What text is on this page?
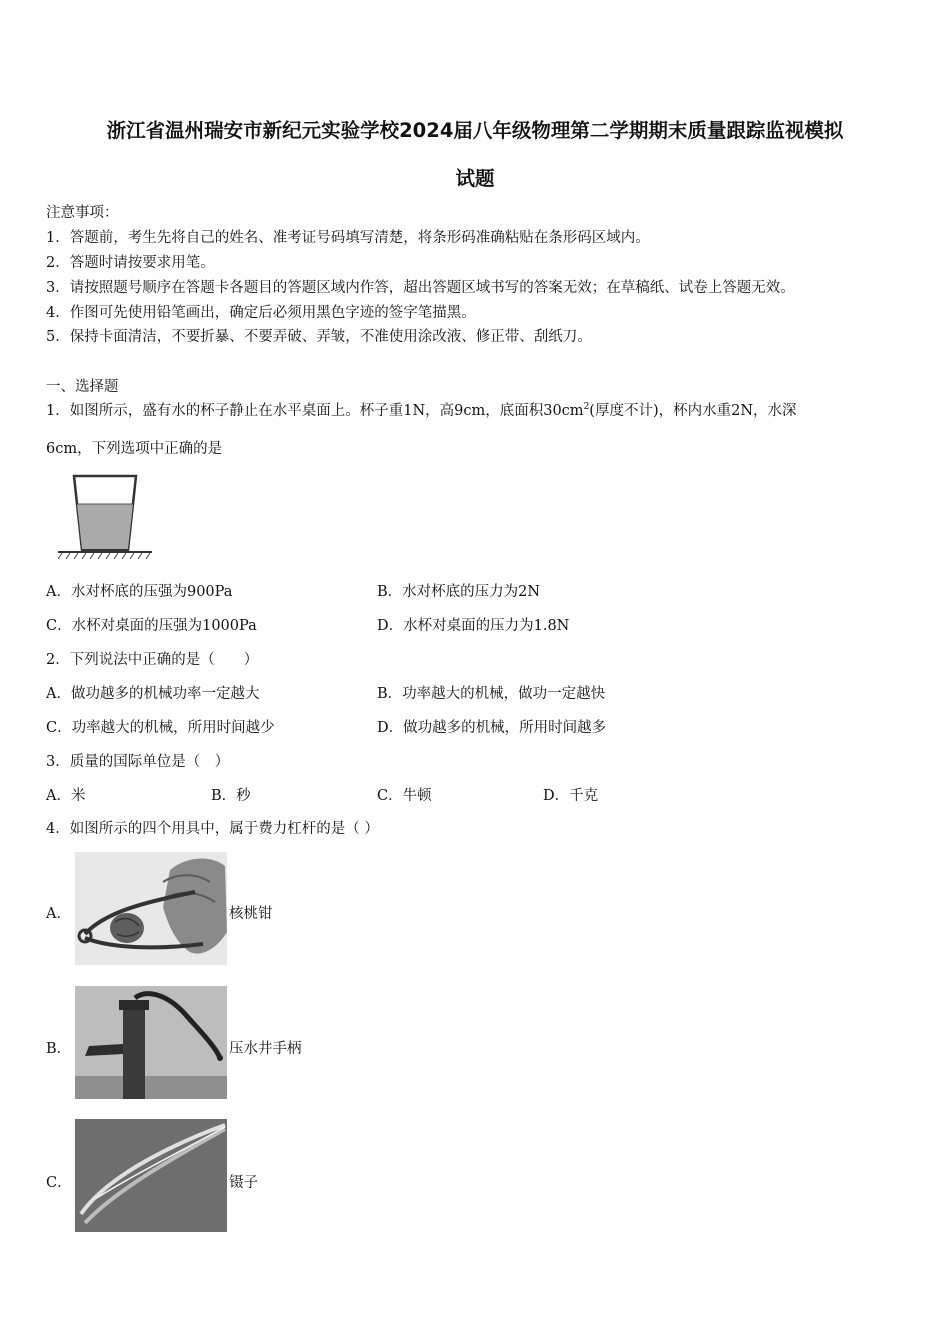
浙江省温州瑞安市新纪元实验学校2024届八年级物理第二学期期末质量跟踪监视模拟
试题
注意事项：
1．答题前，考生先将自己的姓名、准考证号码填写清楚，将条形码准确粘贴在条形码区域内。
2．答题时请按要求用笔。
3．请按照题号顺序在答题卡各题目的答题区域内作答，超出答题区域书写的答案无效；在草稿纸、试卷上答题无效。
4．作图可先使用铅笔画出，确定后必须用黑色字迹的签字笔描黑。
5．保持卡面清洁，不要折暴、不要弄破、弄皱，不准使用涂改液、修正带、刮纸刀。
一、选择题
1．如图所示，盛有水的杯子静止在水平桌面上。杯子重1N，高9cm，底面积$30cm^2$(厚度不计)，杯内水重2N，水深
6cm，下列选项中正确的是
A．水对杯底的压强为900Pa	B．水对杯底的压力为2N
C．水杯对桌面的压强为1000Pa	D．水杯对桌面的压力为1.8N
2．下列说法中正确的是（　　）
A．做功越多的机械功率一定越大	B．功率越大的机械，做功一定越快
C．功率越大的机械，所用时间越少	D．做功越多的机械，所用时间越多
3．质量的国际单位是（　）
A．米	B．秒	C．牛顿	D．千克
4．如图所示的四个用具中，属于费力杠杆的是（ ）
A．	核桃钳
B．	压水井手柄
C．	镊子
